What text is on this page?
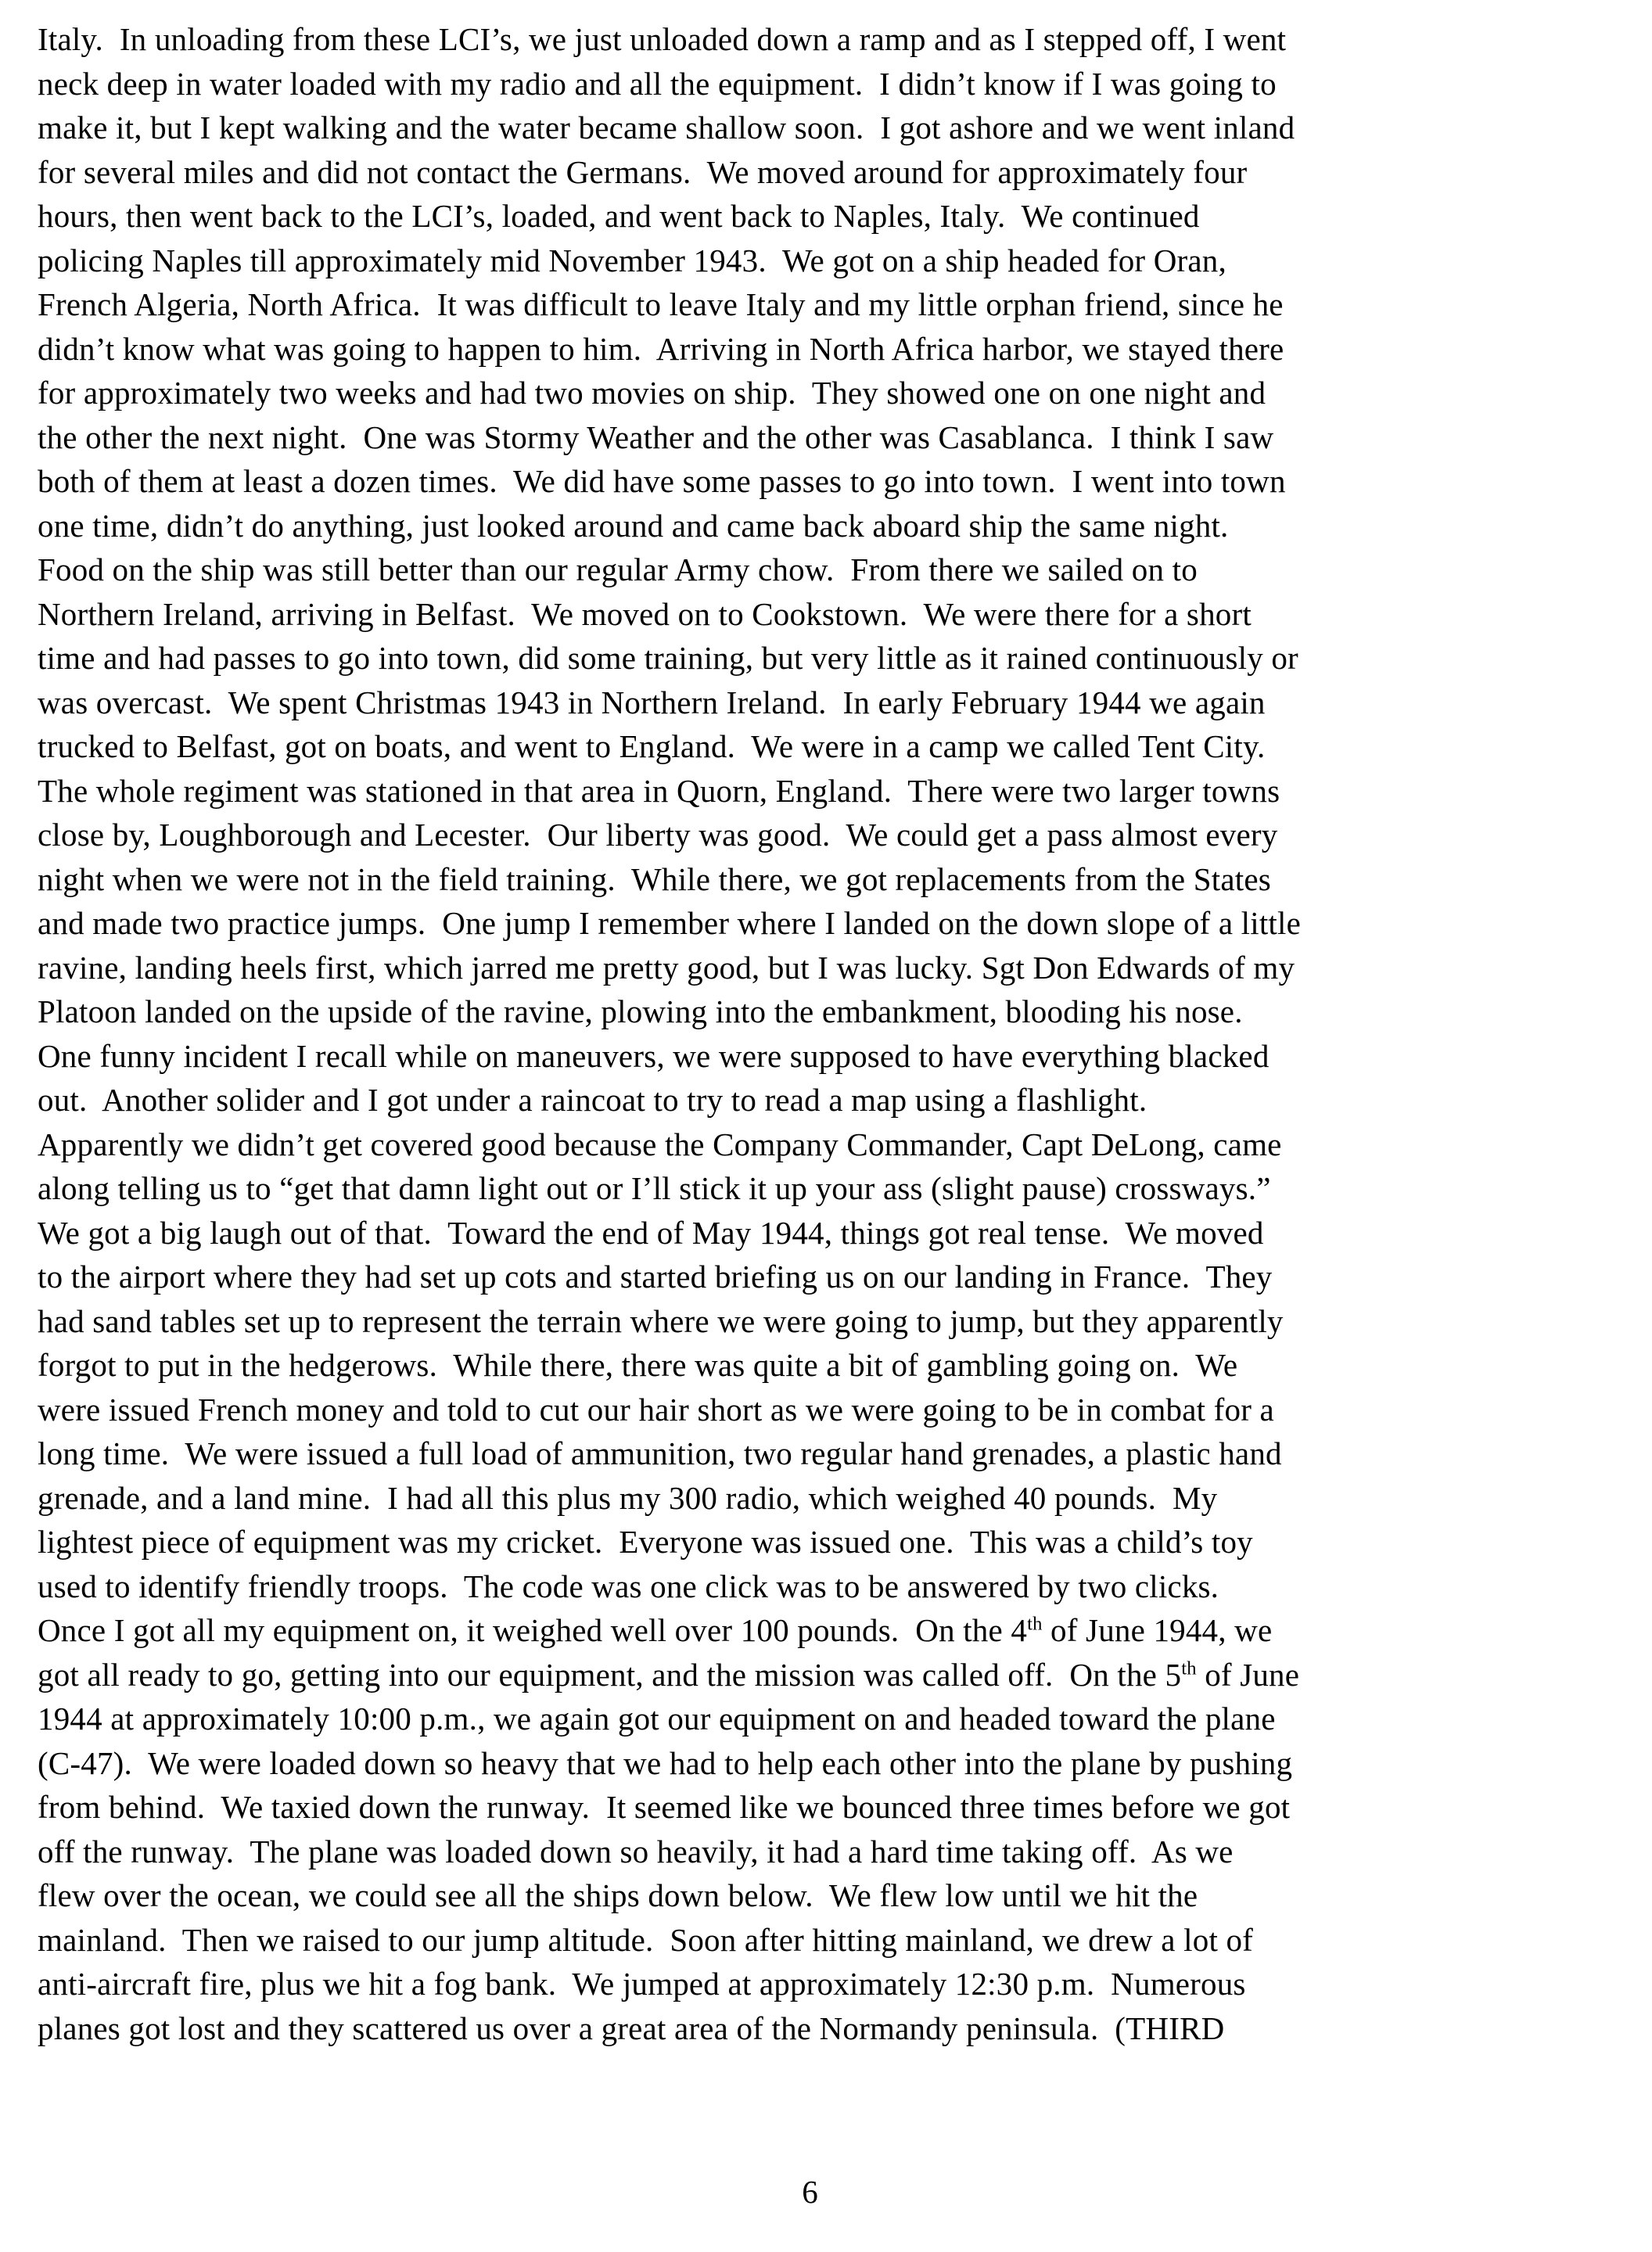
Italy.  In unloading from these LCI’s, we just unloaded down a ramp and as I stepped off, I went
neck deep in water loaded with my radio and all the equipment.  I didn’t know if I was going to
make it, but I kept walking and the water became shallow soon.  I got ashore and we went inland
for several miles and did not contact the Germans.  We moved around for approximately four
hours, then went back to the LCI’s, loaded, and went back to Naples, Italy.  We continued
policing Naples till approximately mid November 1943.  We got on a ship headed for Oran,
French Algeria, North Africa.  It was difficult to leave Italy and my little orphan friend, since he
didn’t know what was going to happen to him.  Arriving in North Africa harbor, we stayed there
for approximately two weeks and had two movies on ship.  They showed one on one night and
the other the next night.  One was Stormy Weather and the other was Casablanca.  I think I saw
both of them at least a dozen times.  We did have some passes to go into town.  I went into town
one time, didn’t do anything, just looked around and came back aboard ship the same night.
Food on the ship was still better than our regular Army chow.  From there we sailed on to
Northern Ireland, arriving in Belfast.  We moved on to Cookstown.  We were there for a short
time and had passes to go into town, did some training, but very little as it rained continuously or
was overcast.  We spent Christmas 1943 in Northern Ireland.  In early February 1944 we again
trucked to Belfast, got on boats, and went to England.  We were in a camp we called Tent City.
The whole regiment was stationed in that area in Quorn, England.  There were two larger towns
close by, Loughborough and Lecester.  Our liberty was good.  We could get a pass almost every
night when we were not in the field training.  While there, we got replacements from the States
and made two practice jumps.  One jump I remember where I landed on the down slope of a little
ravine, landing heels first, which jarred me pretty good, but I was lucky. Sgt Don Edwards of my
Platoon landed on the upside of the ravine, plowing into the embankment, blooding his nose.
One funny incident I recall while on maneuvers, we were supposed to have everything blacked
out.  Another solider and I got under a raincoat to try to read a map using a flashlight.
Apparently we didn’t get covered good because the Company Commander, Capt DeLong, came
along telling us to “get that damn light out or I’ll stick it up your ass (slight pause) crossways.”
We got a big laugh out of that.  Toward the end of May 1944, things got real tense.  We moved
to the airport where they had set up cots and started briefing us on our landing in France.  They
had sand tables set up to represent the terrain where we were going to jump, but they apparently
forgot to put in the hedgerows.  While there, there was quite a bit of gambling going on.  We
were issued French money and told to cut our hair short as we were going to be in combat for a
long time.  We were issued a full load of ammunition, two regular hand grenades, a plastic hand
grenade, and a land mine.  I had all this plus my 300 radio, which weighed 40 pounds.  My
lightest piece of equipment was my cricket.  Everyone was issued one.  This was a child’s toy
used to identify friendly troops.  The code was one click was to be answered by two clicks.
Once I got all my equipment on, it weighed well over 100 pounds.  On the 4th of June 1944, we
got all ready to go, getting into our equipment, and the mission was called off.  On the 5th of June
1944 at approximately 10:00 p.m., we again got our equipment on and headed toward the plane
(C-47).  We were loaded down so heavy that we had to help each other into the plane by pushing
from behind.  We taxied down the runway.  It seemed like we bounced three times before we got
off the runway.  The plane was loaded down so heavily, it had a hard time taking off.  As we
flew over the ocean, we could see all the ships down below.  We flew low until we hit the
mainland.  Then we raised to our jump altitude.  Soon after hitting mainland, we drew a lot of
anti-aircraft fire, plus we hit a fog bank.  We jumped at approximately 12:30 p.m.  Numerous
planes got lost and they scattered us over a great area of the Normandy peninsula.  (THIRD
6
